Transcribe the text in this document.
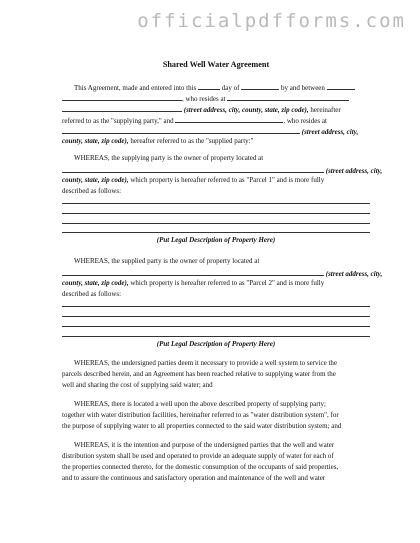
officialpdfforms.com
Shared Well Water Agreement
This Agreement, made and entered into this	day of	by and between
, who resides at
(street address, city, county, state, zip code), hereinafter
referred to as the "supplying party," and	, who resides at
(street address, city,
county, state, zip code), hereafter referred to as the "supplied party:"
WHEREAS, the supplying party is the owner of property located at
(street address, city,
county, state, zip code), which property is hereafter referred to as "Parcel 1" and is more fully
described as follows:
(Put Legal Description of Property Here)
WHEREAS, the supplied party is the owner of property located at
(street address, city,
county, state, zip code), which property is hereafter referred to as "Parcel 2" and is more fully
described as follows:
(Put Legal Description of Property Here)
WHEREAS, the undersigned parties deem it necessary to provide a well system to service the
parcels described herein, and an Agreement has been reached relative to supplying water from the
well and sharing the cost of supplying said water; and
WHEREAS, there is located a well upon the above described property of supplying party;
together with water distribution facilities, hereinafter referred to as "water distribution system", for
the purpose of supplying water to all properties connected to the said water distribution system; and
WHEREAS, it is the intention and purpose of the undersigned parties that the well and water
distribution system shall be used and operated to provide an adequate supply of water for each of
the properties connected thereto, for the domestic consumption of the occupants of said properties,
and to assure the continuous and satisfactory operation and maintenance of the well and water
